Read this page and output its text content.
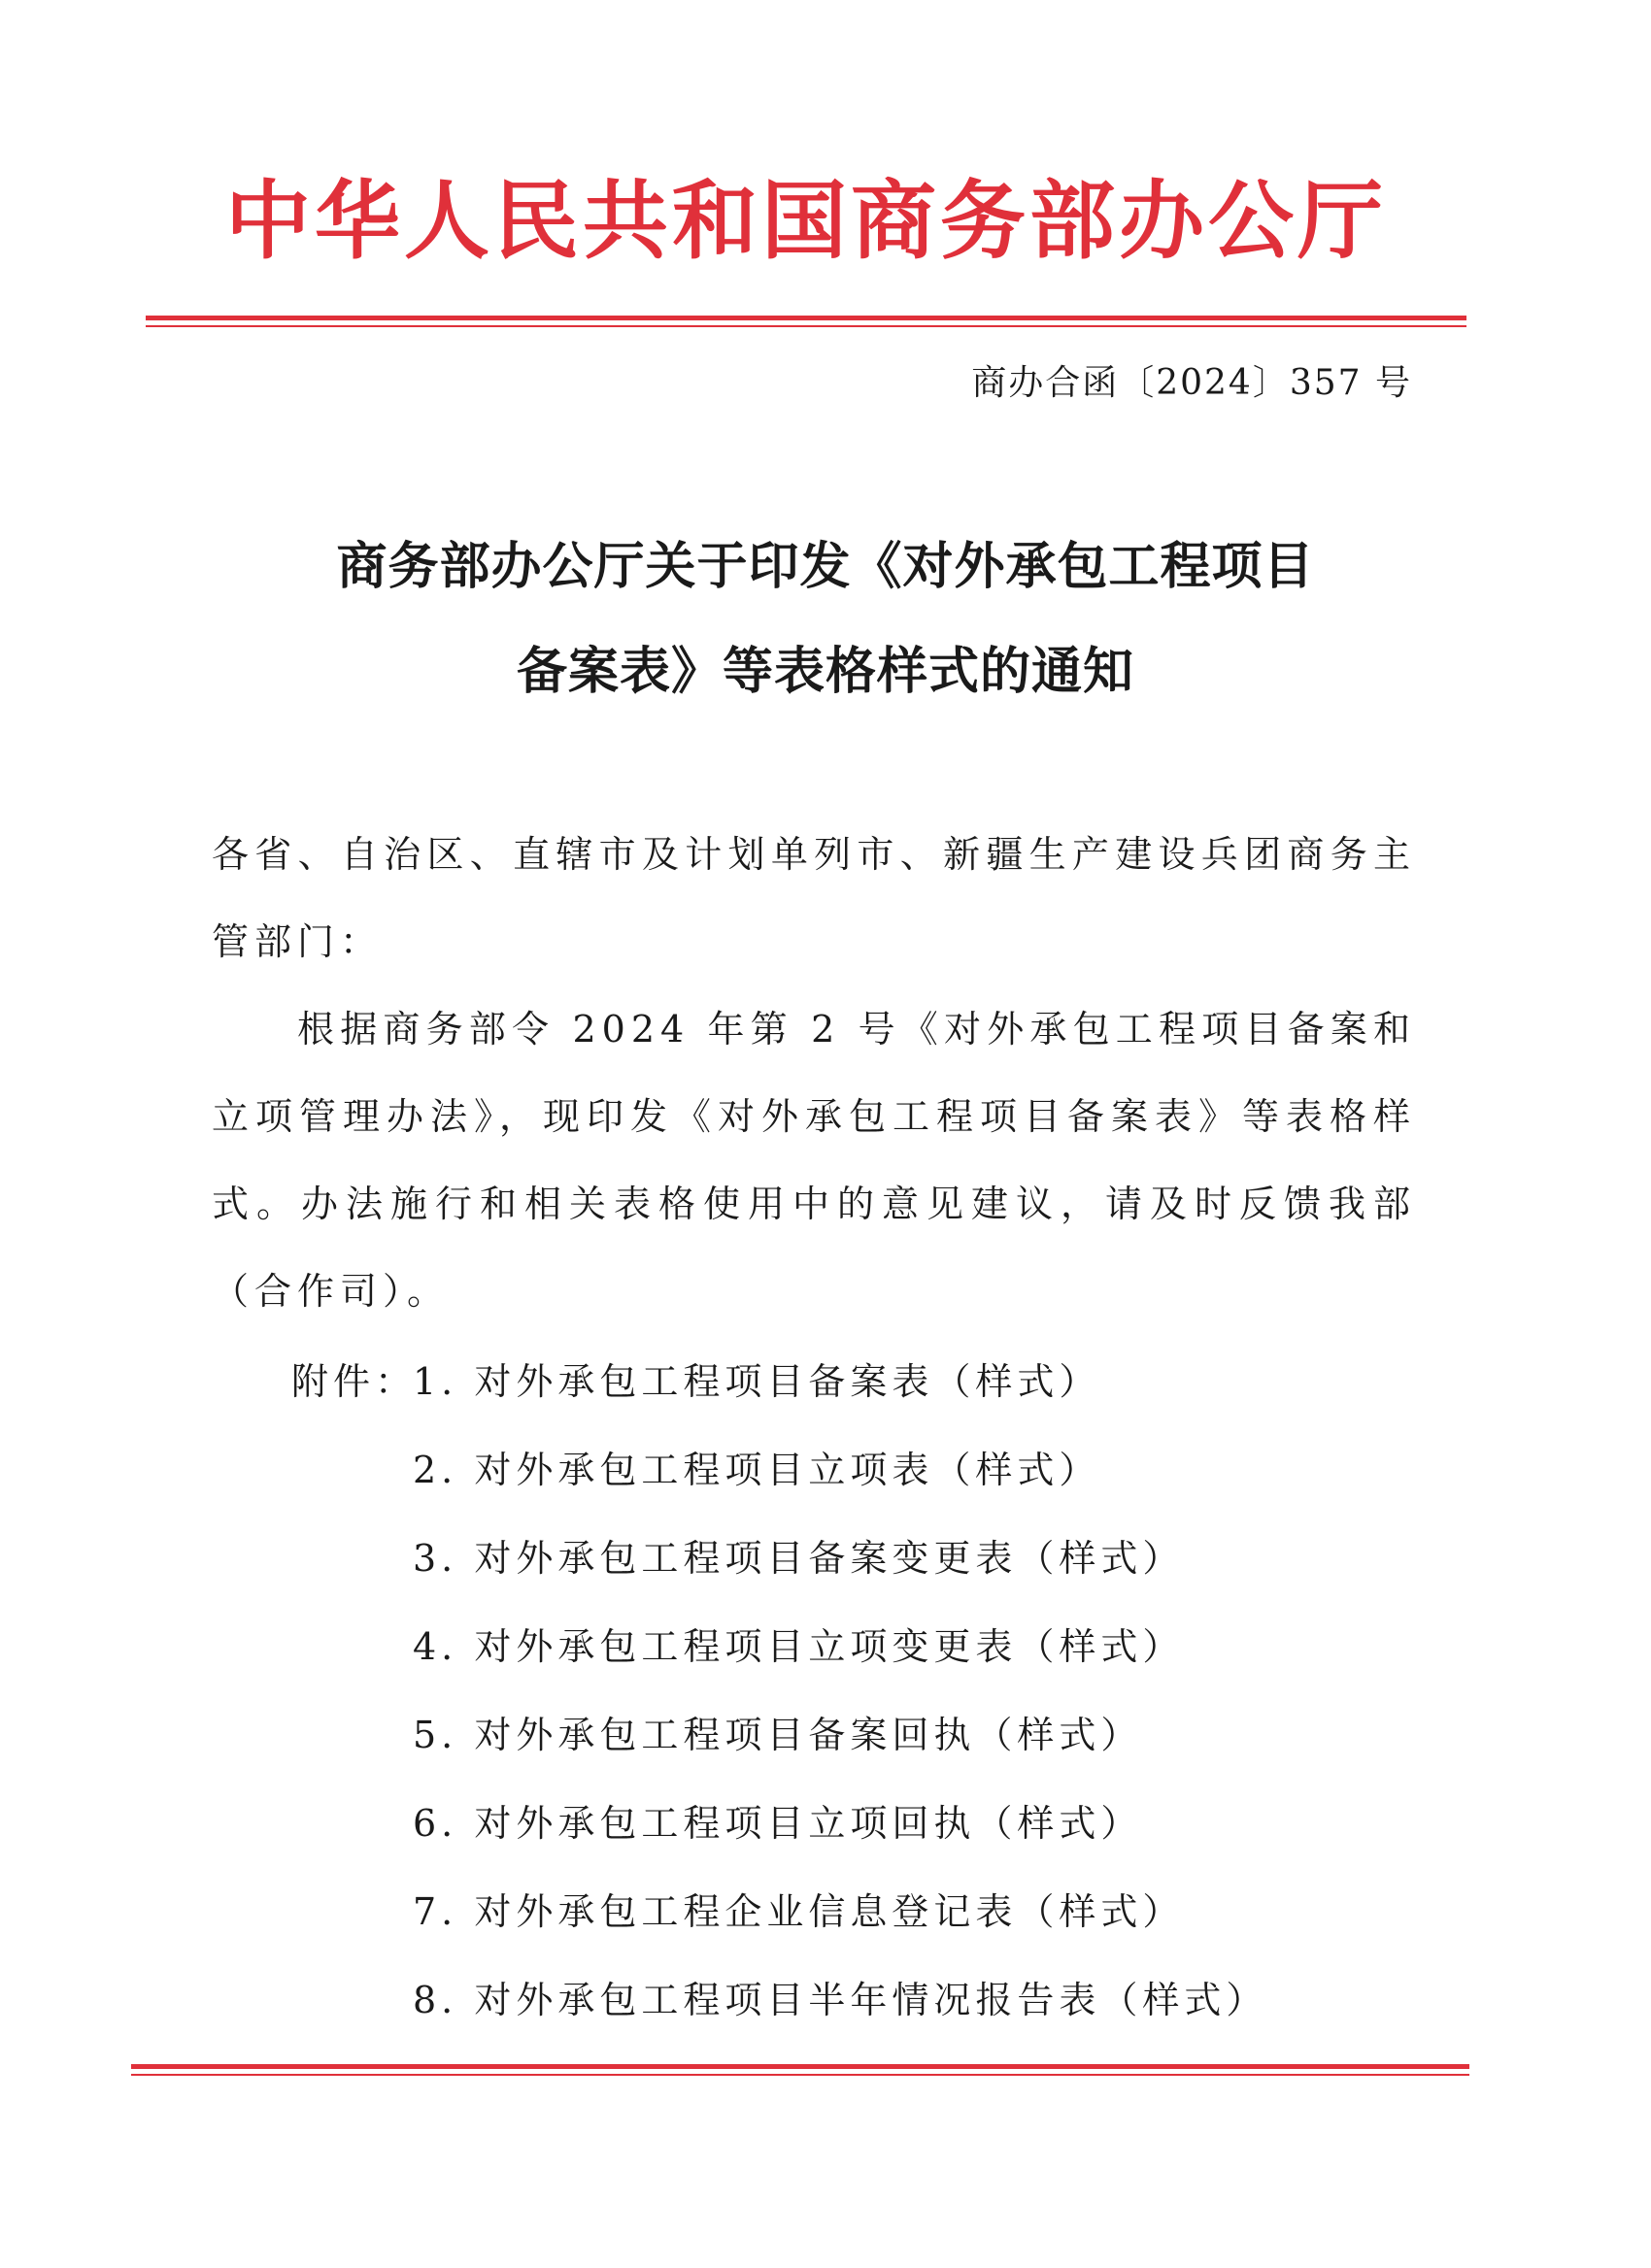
中华人民共和国商务部办公厅
商办合函〔2024〕357 号
商务部办公厅关于印发《对外承包工程项目
备案表》等表格样式的通知

各省、自治区、直辖市及计划单列市、新疆生产建设兵团商务主管部门：

根据商务部令 2024 年第 2 号《对外承包工程项目备案和立项管理办法》，现印发《对外承包工程项目备案表》等表格样式。办法施行和相关表格使用中的意见建议，请及时反馈我部（合作司）。

附件：
1. 对外承包工程项目备案表（样式）
2. 对外承包工程项目立项表（样式）
3. 对外承包工程项目备案变更表（样式）
4. 对外承包工程项目立项变更表（样式）
5. 对外承包工程项目备案回执（样式）
6. 对外承包工程项目立项回执（样式）
7. 对外承包工程企业信息登记表（样式）
8. 对外承包工程项目半年情况报告表（样式）
